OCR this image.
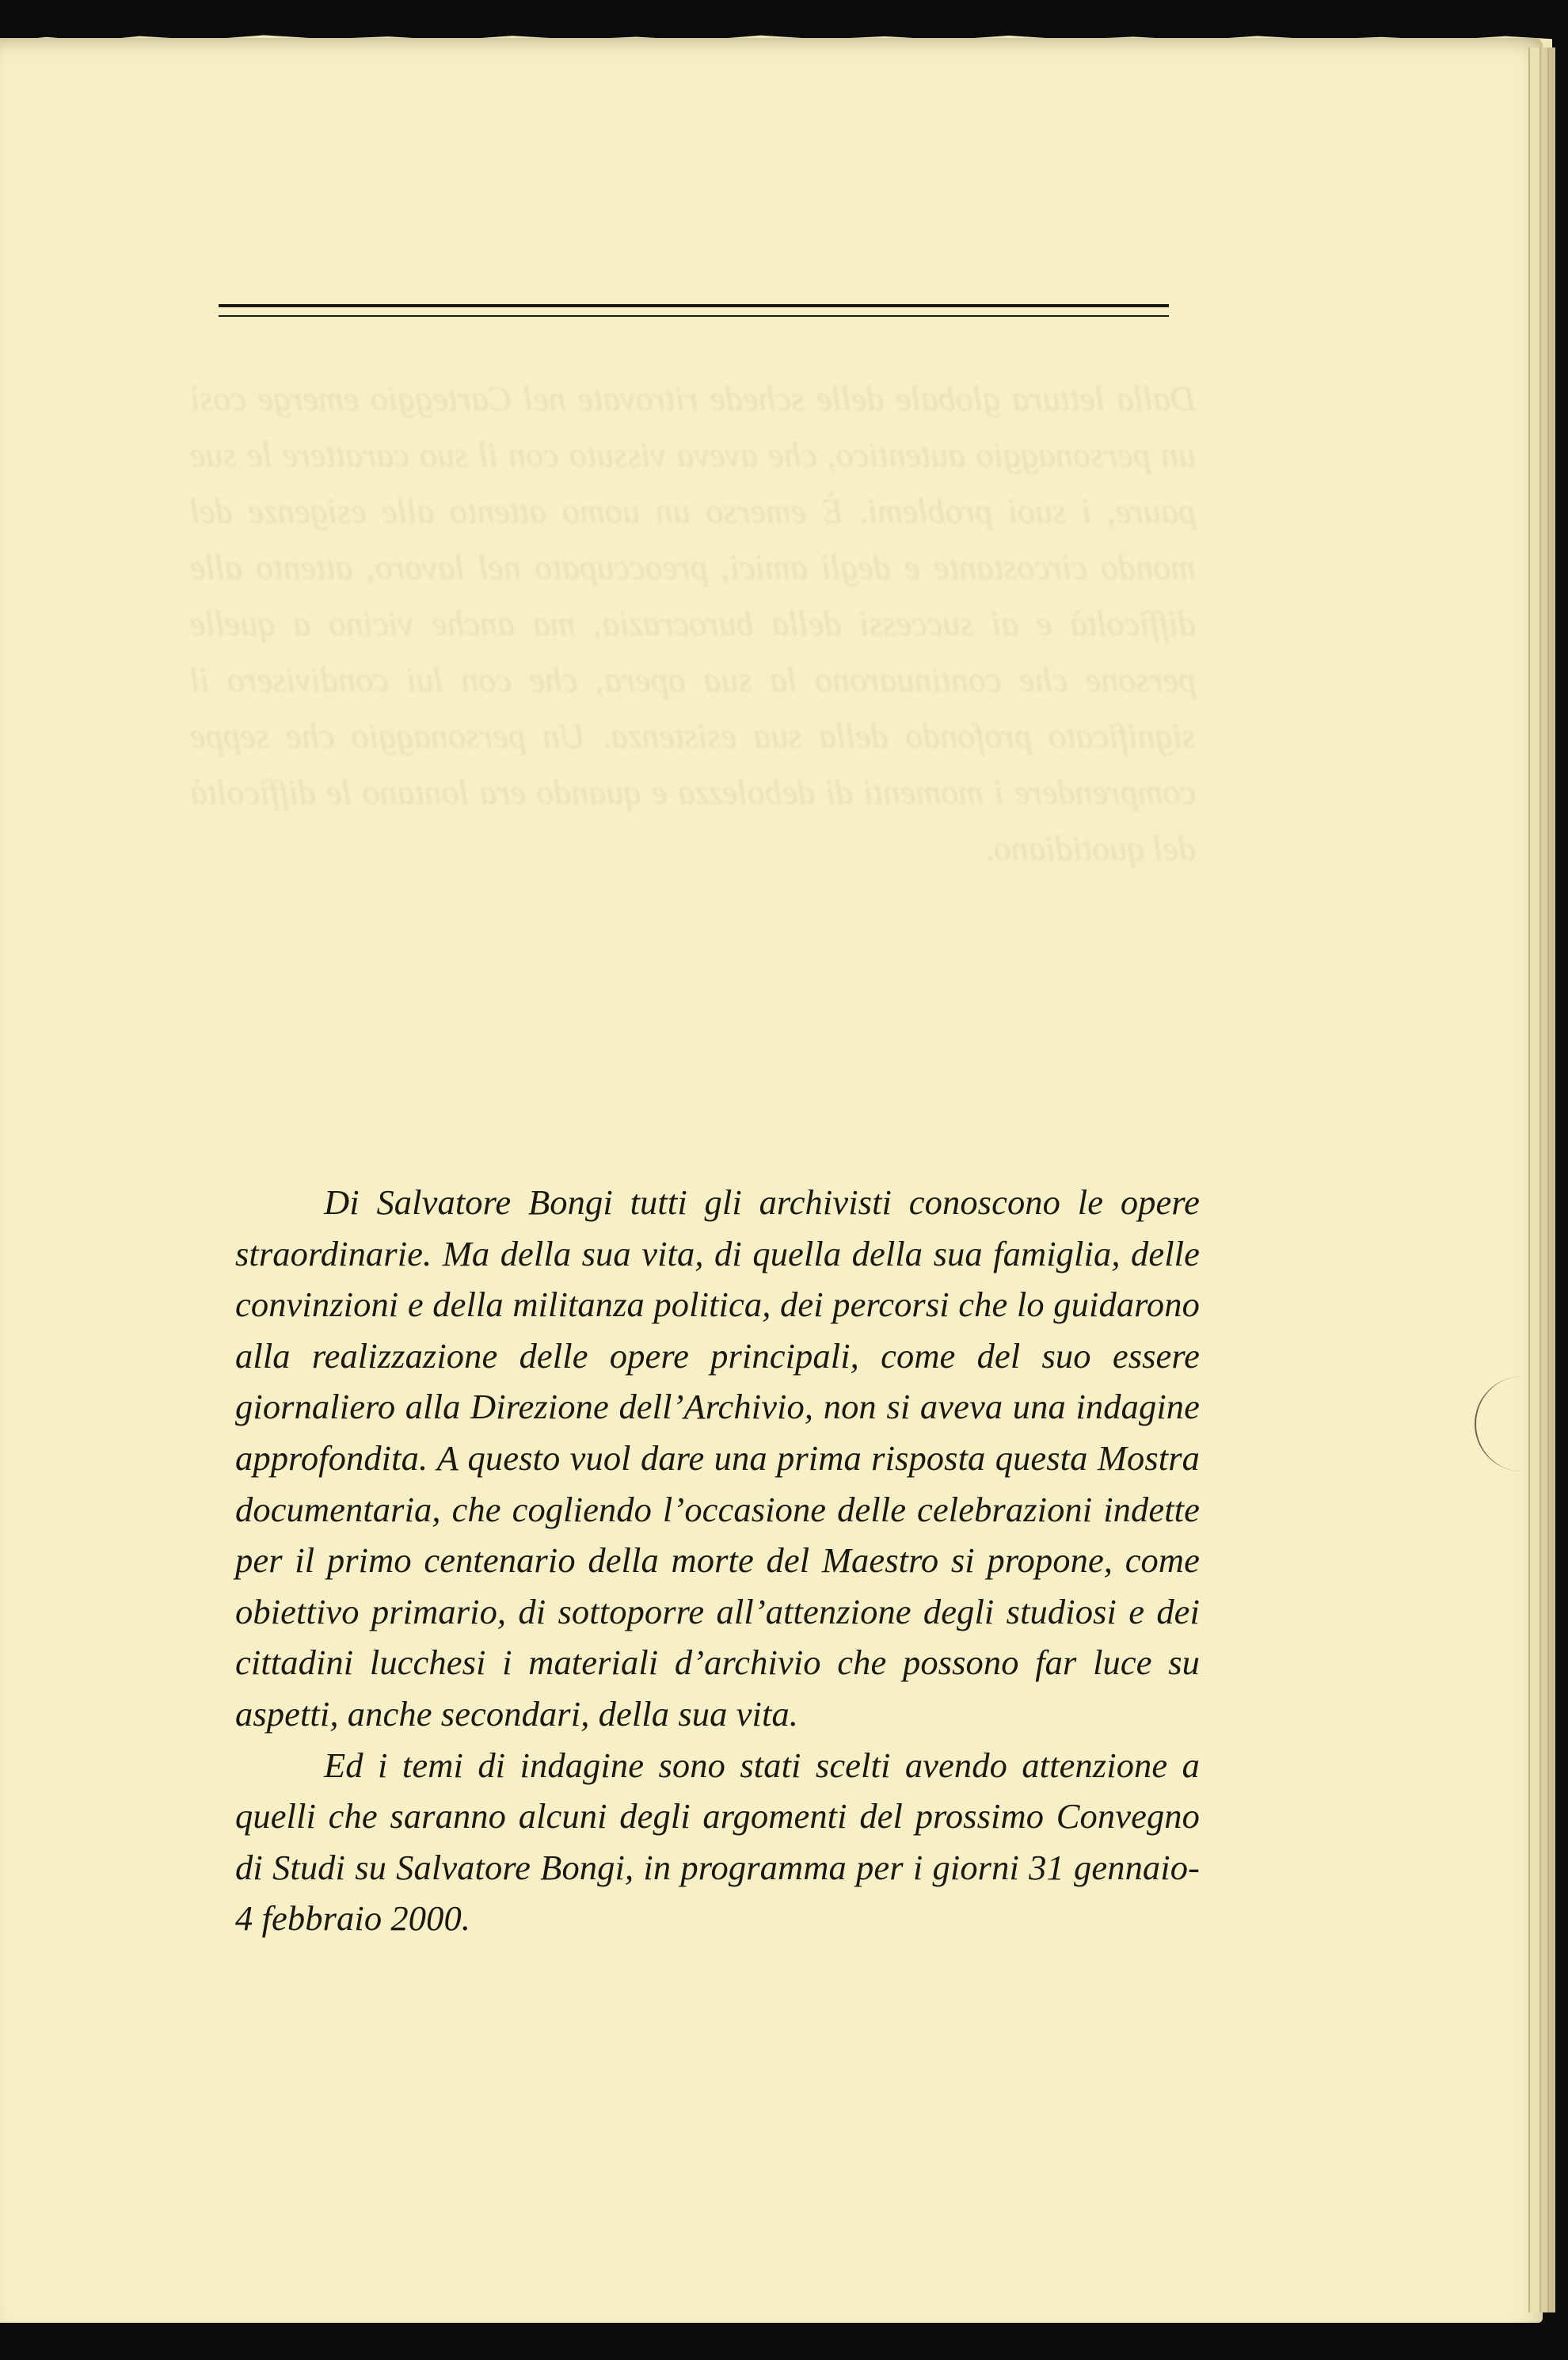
Dalla lettura globale delle schede ritrovate nel Carteggio emerge così un personaggio autentico, che aveva vissuto con il suo carattere le sue paure, i suoi problemi. È emerso un uomo attento alle esigenze del mondo circostante e degli amici, preoccupato nel lavoro, attento alle difficoltà e ai successi della burocrazia, ma anche vicino a quelle persone che continuarono la sua opera, che con lui condivisero il significato profondo della sua esistenza. Un personaggio che seppe comprendere i momenti di debolezza e quando era lontano le difficoltà del quotidiano.

Di Salvatore Bongi tutti gli archivisti conoscono le opere straordinarie. Ma della sua vita, di quella della sua famiglia, delle convinzioni e della militanza politica, dei percorsi che lo guidarono alla realizzazione delle opere principali, come del suo essere giornaliero alla Direzione dell’Archivio, non si aveva una indagine approfondita. A questo vuol dare una prima risposta questa Mostra documentaria, che cogliendo l’occasione delle celebrazioni indette per il primo centenario della morte del Maestro si propone, come obiettivo primario, di sottoporre all’attenzione degli studiosi e dei cittadini lucchesi i materiali d’archivio che possono far luce su aspetti, anche secondari, della sua vita.

Ed i temi di indagine sono stati scelti avendo attenzione a quelli che saranno alcuni degli argomenti del prossimo Convegno di Studi su Salvatore Bongi, in programma per i giorni 31 gennaio-4 febbraio 2000.
